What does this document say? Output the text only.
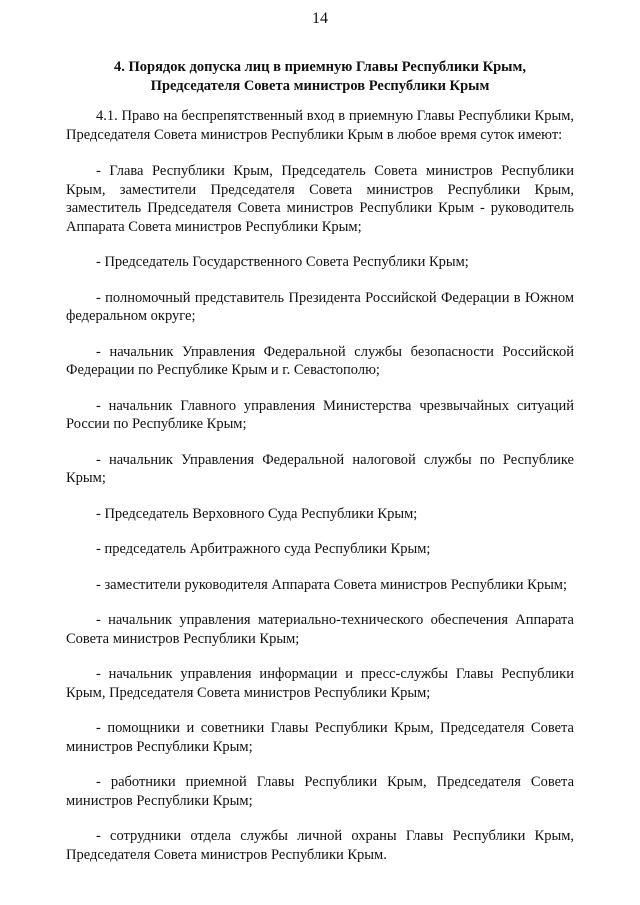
14
4. Порядок допуска лиц в приемную Главы Республики Крым,
Председателя Совета министров Республики Крым

4.1. Право на беспрепятственный вход в приемную Главы Республики Крым, Председателя Совета министров Республики Крым в любое время суток имеют:

- Глава Республики Крым, Председатель Совета министров Республики Крым, заместители Председателя Совета министров Республики Крым, заместитель Председателя Совета министров Республики Крым - руководитель Аппарата Совета министров Республики Крым;

- Председатель Государственного Совета Республики Крым;

- полномочный представитель Президента Российской Федерации в Южном федеральном округе;

- начальник Управления Федеральной службы безопасности Российской Федерации по Республике Крым и г. Севастополю;

- начальник Главного управления Министерства чрезвычайных ситуаций России по Республике Крым;

- начальник Управления Федеральной налоговой службы по Республике Крым;

- Председатель Верховного Суда Республики Крым;

- председатель Арбитражного суда Республики Крым;

- заместители руководителя Аппарата Совета министров Республики Крым;

- начальник управления материально-технического обеспечения Аппарата Совета министров Республики Крым;

- начальник управления информации и пресс-службы Главы Республики Крым, Председателя Совета министров Республики Крым;

- помощники и советники Главы Республики Крым, Председателя Совета министров Республики Крым;

- работники приемной Главы Республики Крым, Председателя Совета министров Республики Крым;

- сотрудники отдела службы личной охраны Главы Республики Крым, Председателя Совета министров Республики Крым.
